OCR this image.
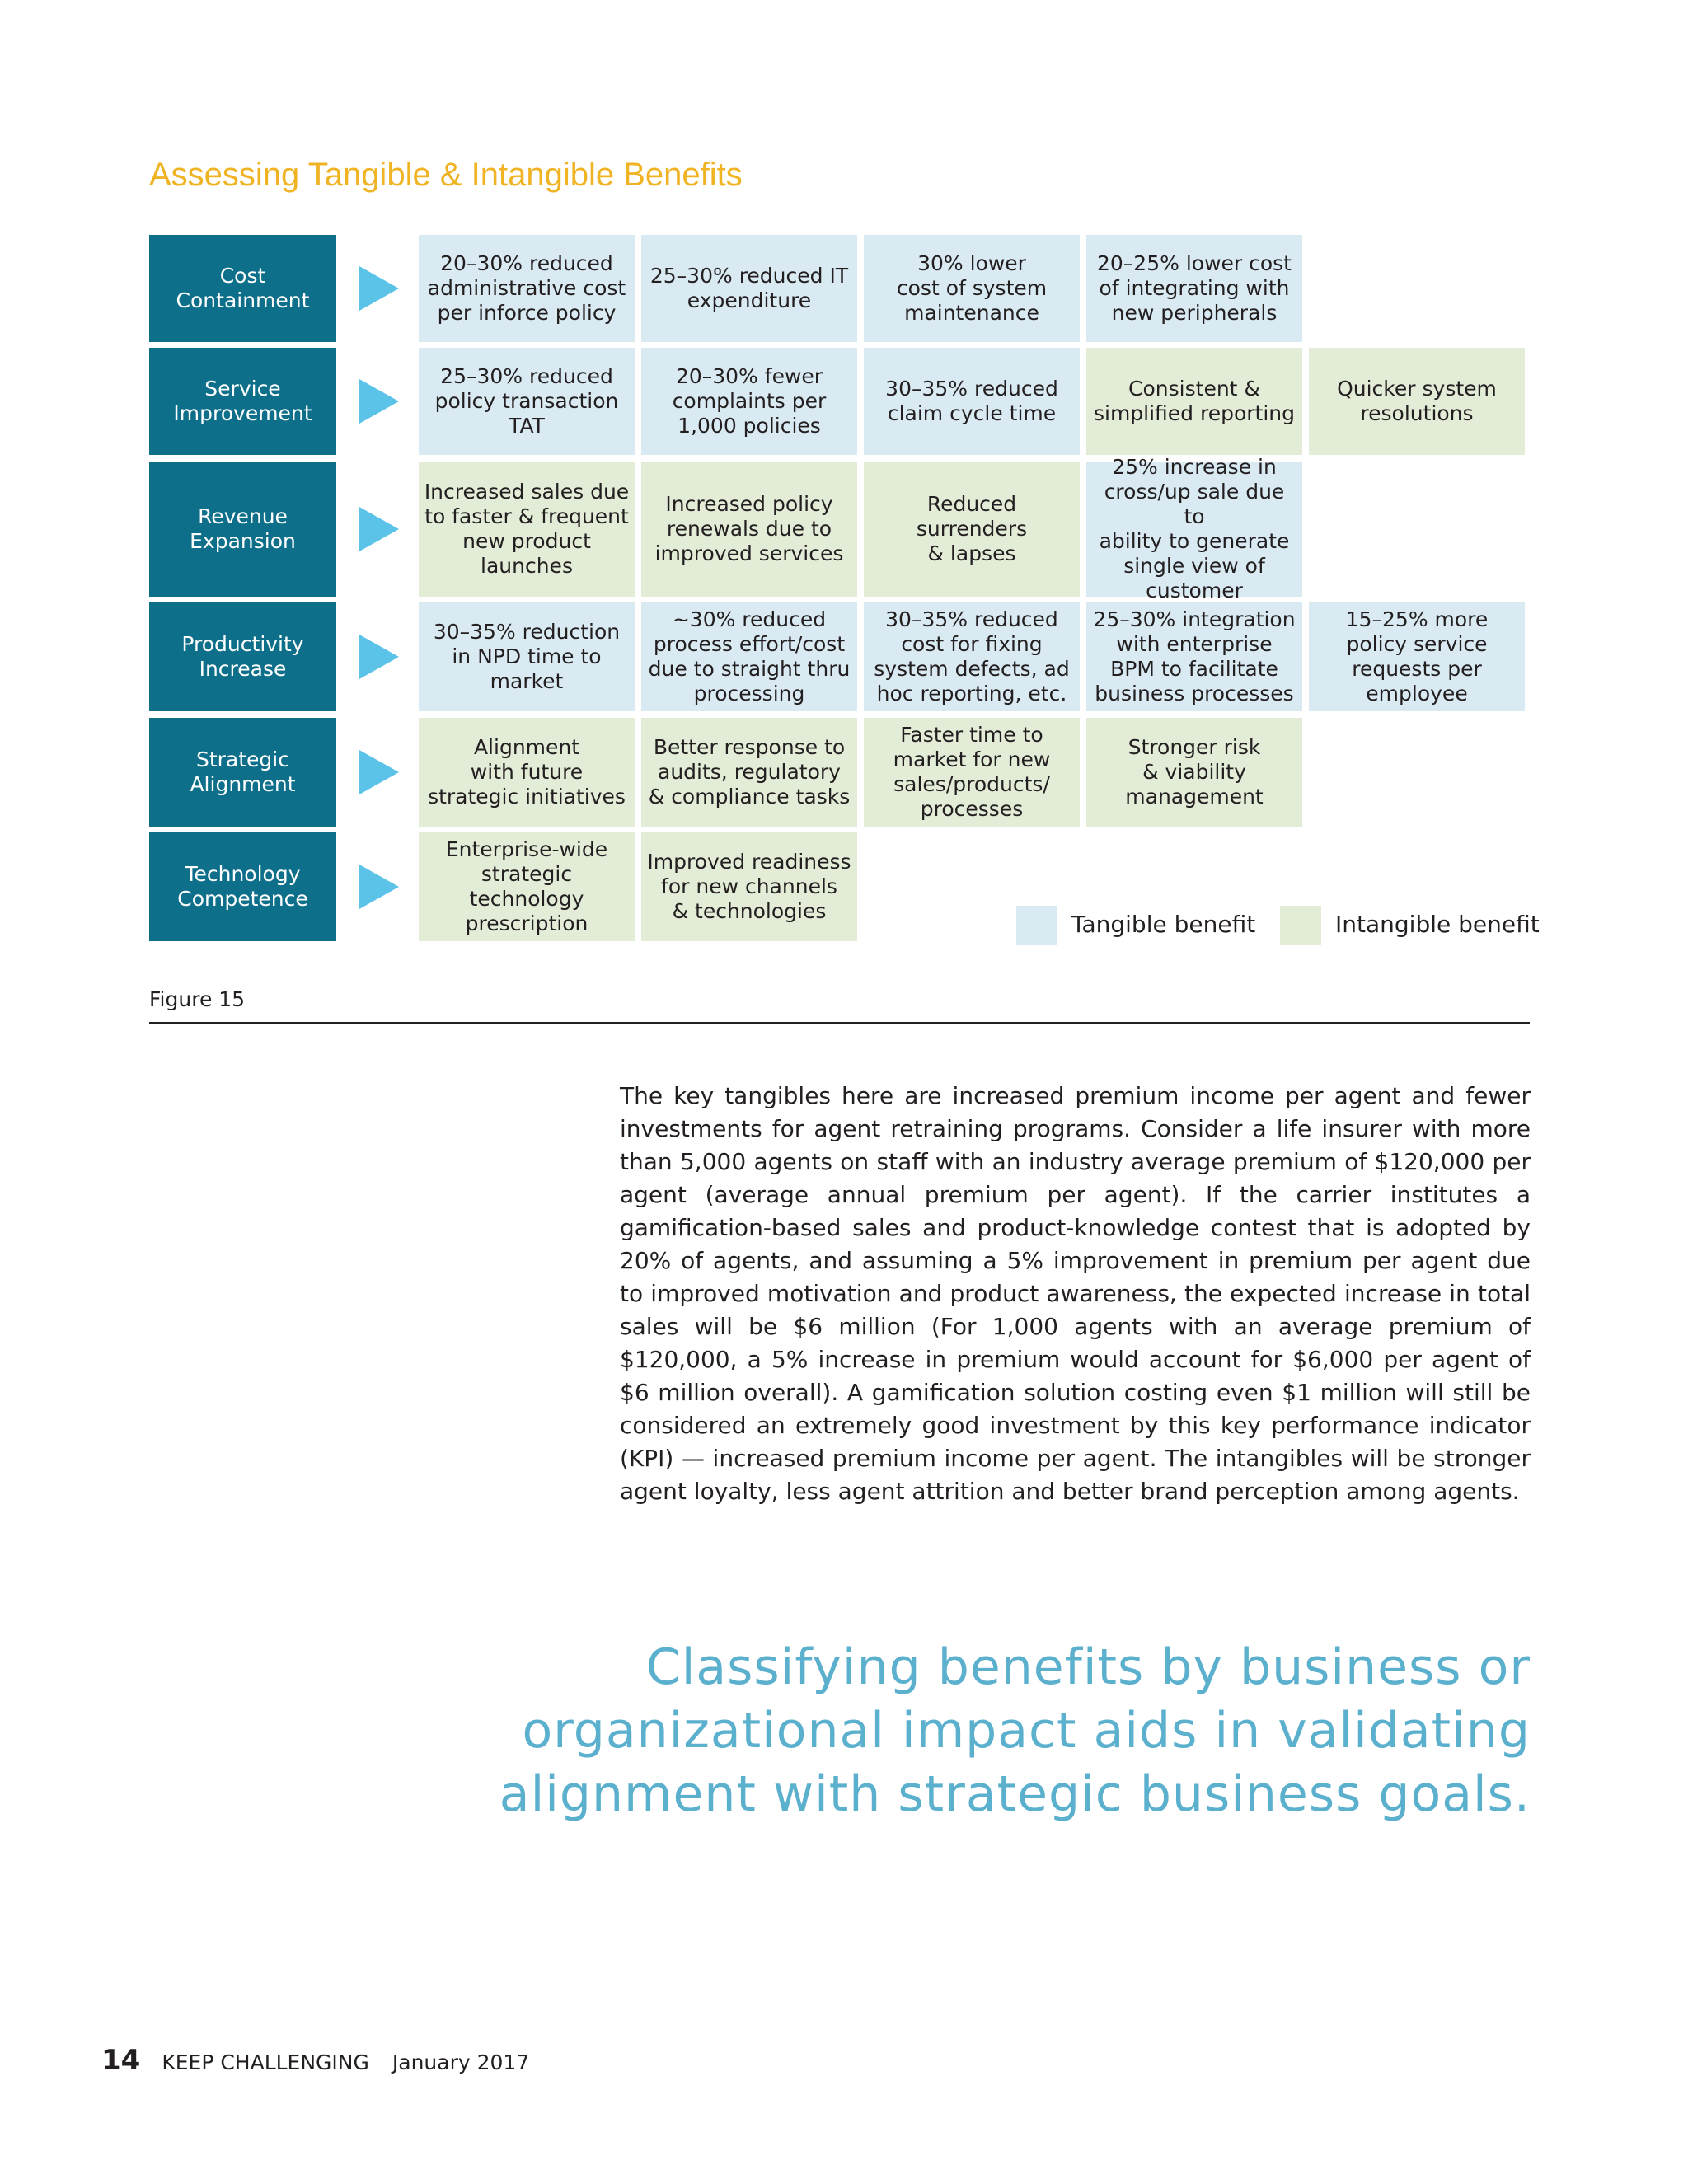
Assessing Tangible & Intangible Benefits
Cost
Containment
20–30% reduced
administrative cost
per inforce policy
25–30% reduced IT
expenditure
30% lower
cost of system
maintenance
20–25% lower cost
of integrating with
new peripherals
Service
Improvement
25–30% reduced
policy transaction
TAT
20–30% fewer
complaints per
1,000 policies
30–35% reduced
claim cycle time
Consistent &
simplified reporting
Quicker system
resolutions
Revenue
Expansion
Increased sales due
to faster & frequent
new product
launches
Increased policy
renewals due to
improved services
Reduced surrenders
& lapses
25% increase in
cross/up sale due to
ability to generate
single view of
customer
Productivity
Increase
30–35% reduction
in NPD time to
market
~30% reduced
process effort/cost
due to straight thru
processing
30–35% reduced
cost for fixing
system defects, ad
hoc reporting, etc.
25–30% integration
with enterprise
BPM to facilitate
business processes
15–25% more
policy service
requests per
employee
Strategic
Alignment
Alignment
with future
strategic initiatives
Better response to
audits, regulatory
& compliance tasks
Faster time to
market for new
sales/products/
processes
Stronger risk
& viability
management
Technology
Competence
Enterprise-wide
strategic technology
prescription
Improved readiness
for new channels
& technologies	Tangible benefit	Intangible benefit
Figure 15

The key tangibles here are increased premium income per agent and fewer investments for agent retraining programs. Consider a life insurer with more than 5,000 agents on staff with an industry average premium of $120,000 per agent (average annual premium per agent). If the carrier institutes a gamification-based sales and product-knowledge contest that is adopted by 20% of agents, and assuming a 5% improvement in premium per agent due to improved motivation and product awareness, the expected increase in total sales will be $6 million (For 1,000 agents with an average premium of $120,000, a 5% increase in premium would account for $6,000 per agent of $6 million overall). A gamification solution costing even $1 million will still be considered an extremely good investment by this key performance indicator (KPI) — increased premium income per agent. The intangibles will be stronger agent loyalty, less agent attrition and better brand perception among agents.

Classifying benefits by business or organizational impact aids in validating alignment with strategic business goals.
14 KEEP CHALLENGING January 2017
